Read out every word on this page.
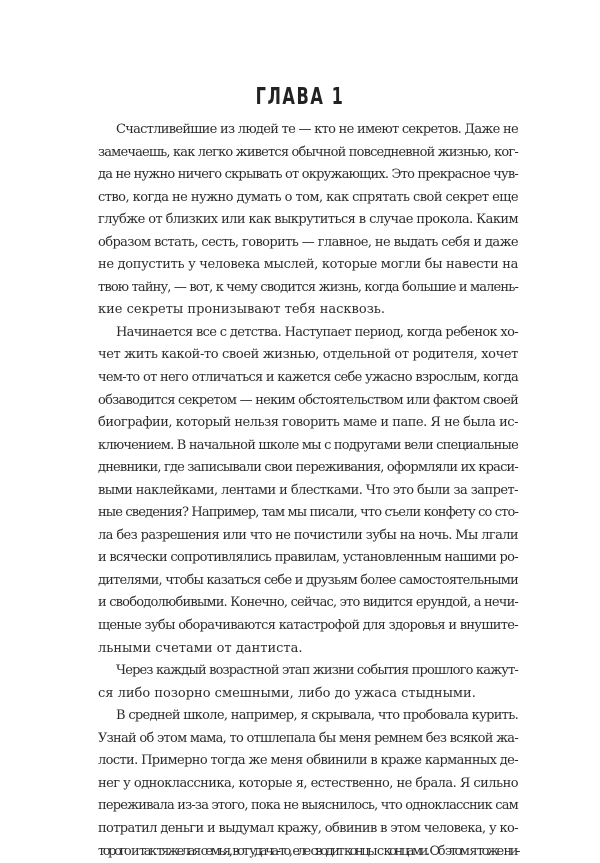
ГЛАВА 1
Счастливейшие из людей те — кто не имеют секретов. Даже не
замечаешь, как легко живется обычной повседневной жизнью, ког-
да не нужно ничего скрывать от окружающих. Это прекрасное чув-
ство, когда не нужно думать о том, как спрятать свой секрет еще
глубже от близких или как выкрутиться в случае прокола. Каким
образом встать, сесть, говорить — главное, не выдать себя и даже
не допустить у человека мыслей, которые могли бы навести на
твою тайну, — вот, к чему сводится жизнь, когда большие и малень-
кие секреты пронизывают тебя насквозь.
Начинается все с детства. Наступает период, когда ребенок хо-
чет жить какой-то своей жизнью, отдельной от родителя, хочет
чем-то от него отличаться и кажется себе ужасно взрослым, когда
обзаводится секретом — неким обстоятельством или фактом своей
биографии, который нельзя говорить маме и папе. Я не была ис-
ключением. В начальной школе мы с подругами вели специальные
дневники, где записывали свои переживания, оформляли их краси-
выми наклейками, лентами и блестками. Что это были за запрет-
ные сведения? Например, там мы писали, что съели конфету со сто-
ла без разрешения или что не почистили зубы на ночь. Мы лгали
и всячески сопротивлялись правилам, установленным нашими ро-
дителями, чтобы казаться себе и друзьям более самостоятельными
и свободолюбивыми. Конечно, сейчас, это видится ерундой, а нечи-
щеные зубы оборачиваются катастрофой для здоровья и внушите-
льными счетами от дантиста.
Через каждый возрастной этап жизни события прошлого кажут-
ся либо позорно смешными, либо до ужаса стыдными.
В средней школе, например, я скрывала, что пробовала курить.
Узнай об этом мама, то отшлепала бы меня ремнем без всякой жа-
лости. Примерно тогда же меня обвинили в краже карманных де-
нег у одноклассника, которые я, естественно, не брала. Я сильно
переживала из-за этого, пока не выяснилось, что одноклассник сам
потратил деньги и выдумал кражу, обвинив в этом человека, у ко-
торого и так тяжелая семья, вот удача-то, еле сводит концы с концами. Об этом я тоже ни-
